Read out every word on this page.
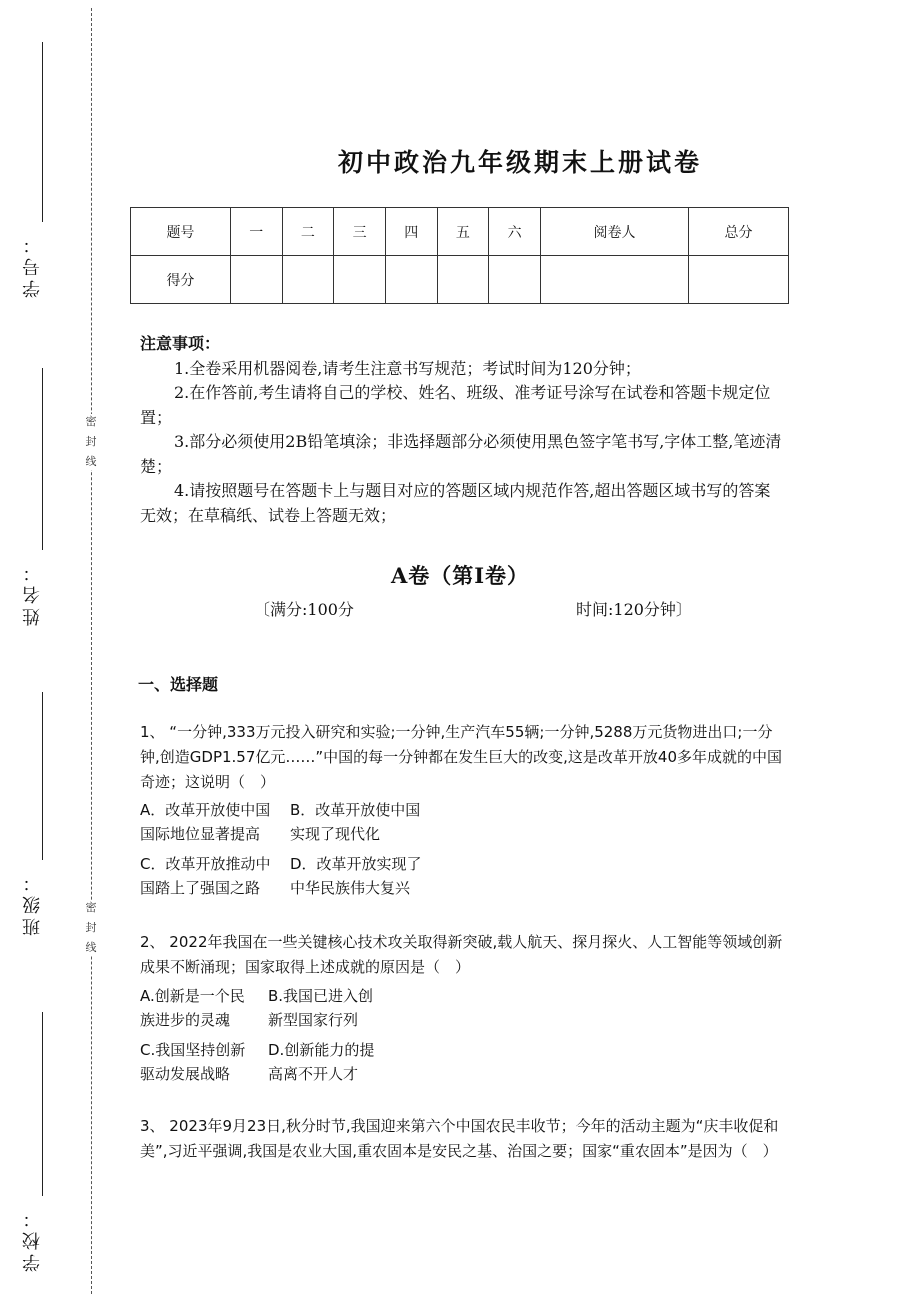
密
封
线
密
封
线
学号：
姓名：
班级：
学校：
初中政治九年级期末上册试卷
题号	一	二	三	四	五	六	阅卷人	总分
得分								
注意事项：
1.全卷采用机器阅卷,请考生注意书写规范；考试时间为120分钟；
2.在作答前,考生请将自己的学校、姓名、班级、准考证号涂写在试卷和答题卡规定位置；
3.部分必须使用2B铅笔填涂；非选择题部分必须使用黑色签字笔书写,字体工整,笔迹清楚；
4.请按照题号在答题卡上与题目对应的答题区域内规范作答,超出答题区域书写的答案无效；在草稿纸、试卷上答题无效；
A卷（第I卷）
〔满分:100分	时间:120分钟〕
一、选择题
1、 “一分钟,333万元投入研究和实验;一分钟,生产汽车55辆;一分钟,5288万元货物进出口;一分钟,创造GDP1.57亿元……”中国的每一分钟都在发生巨大的改变,这是改革开放40多年成就的中国奇迹；这说明（　）
A．改革开放使中国
国际地位显著提高
B．改革开放使中国
实现了现代化
C．改革开放推动中
国踏上了强国之路
D．改革开放实现了
中华民族伟大复兴
2、 2022年我国在一些关键核心技术攻关取得新突破,载人航天、探月探火、人工智能等领域创新成果不断涌现；国家取得上述成就的原因是（　）
A.创新是一个民
族进步的灵魂
B.我国已进入创
新型国家行列
C.我国坚持创新
驱动发展战略
D.创新能力的提
高离不开人才
3、 2023年9月23日,秋分时节,我国迎来第六个中国农民丰收节；今年的活动主题为“庆丰收促和美”,习近平强调,我国是农业大国,重农固本是安民之基、治国之要；国家“重农固本”是因为（　）
